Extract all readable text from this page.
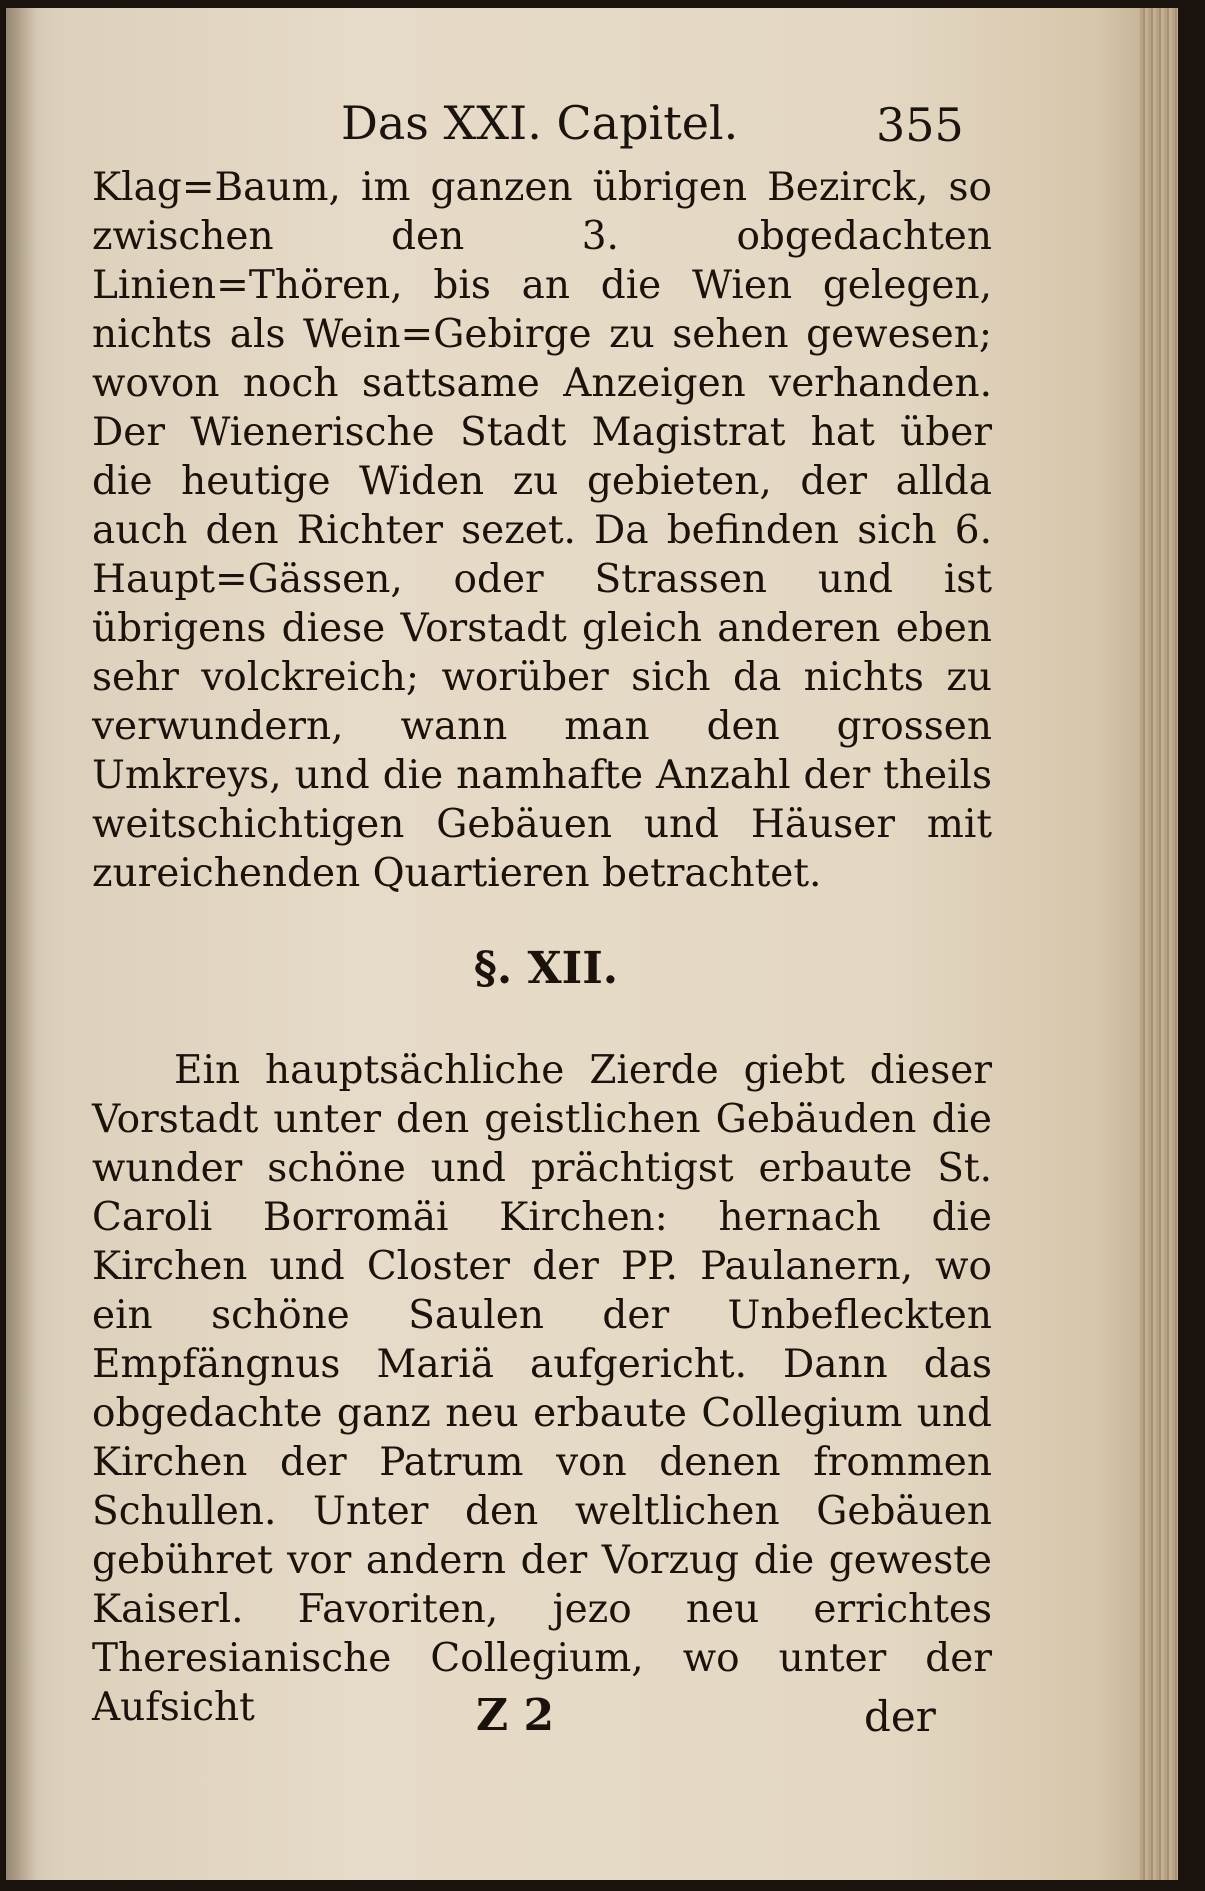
Das XXI. Capitel.	355

Klag=Baum, im ganzen übrigen Bezirck, so zwischen den 3. obgedachten Linien=Thören, bis an die Wien gelegen, nichts als Wein=Gebirge zu sehen gewesen; wovon noch sattsame Anzeigen verhanden. Der Wienerische Stadt Magistrat hat über die heutige Widen zu gebieten, der allda auch den Richter sezet. Da befinden sich 6. Haupt=Gässen, oder Strassen und ist übrigens diese Vorstadt gleich anderen eben sehr volckreich; worüber sich da nichts zu verwundern, wann man den grossen Umkreys, und die namhafte Anzahl der theils weitschichtigen Gebäuen und Häuser mit zureichenden Quartieren betrachtet.

§. XII.

Ein hauptsächliche Zierde giebt dieser Vorstadt unter den geistlichen Gebäuden die wunder schöne und prächtigst erbaute St. Caroli Borromäi Kirchen: hernach die Kirchen und Closter der PP. Paulanern, wo ein schöne Saulen der Unbefleckten Empfängnus Mariä aufgericht. Dann das obgedachte ganz neu erbaute Collegium und Kirchen der Patrum von denen frommen Schullen. Unter den weltlichen Gebäuen gebühret vor andern der Vorzug die geweste Kaiserl. Favoriten, jezo neu errichtes Theresianische Collegium, wo unter der Aufsicht	Z 2	der
